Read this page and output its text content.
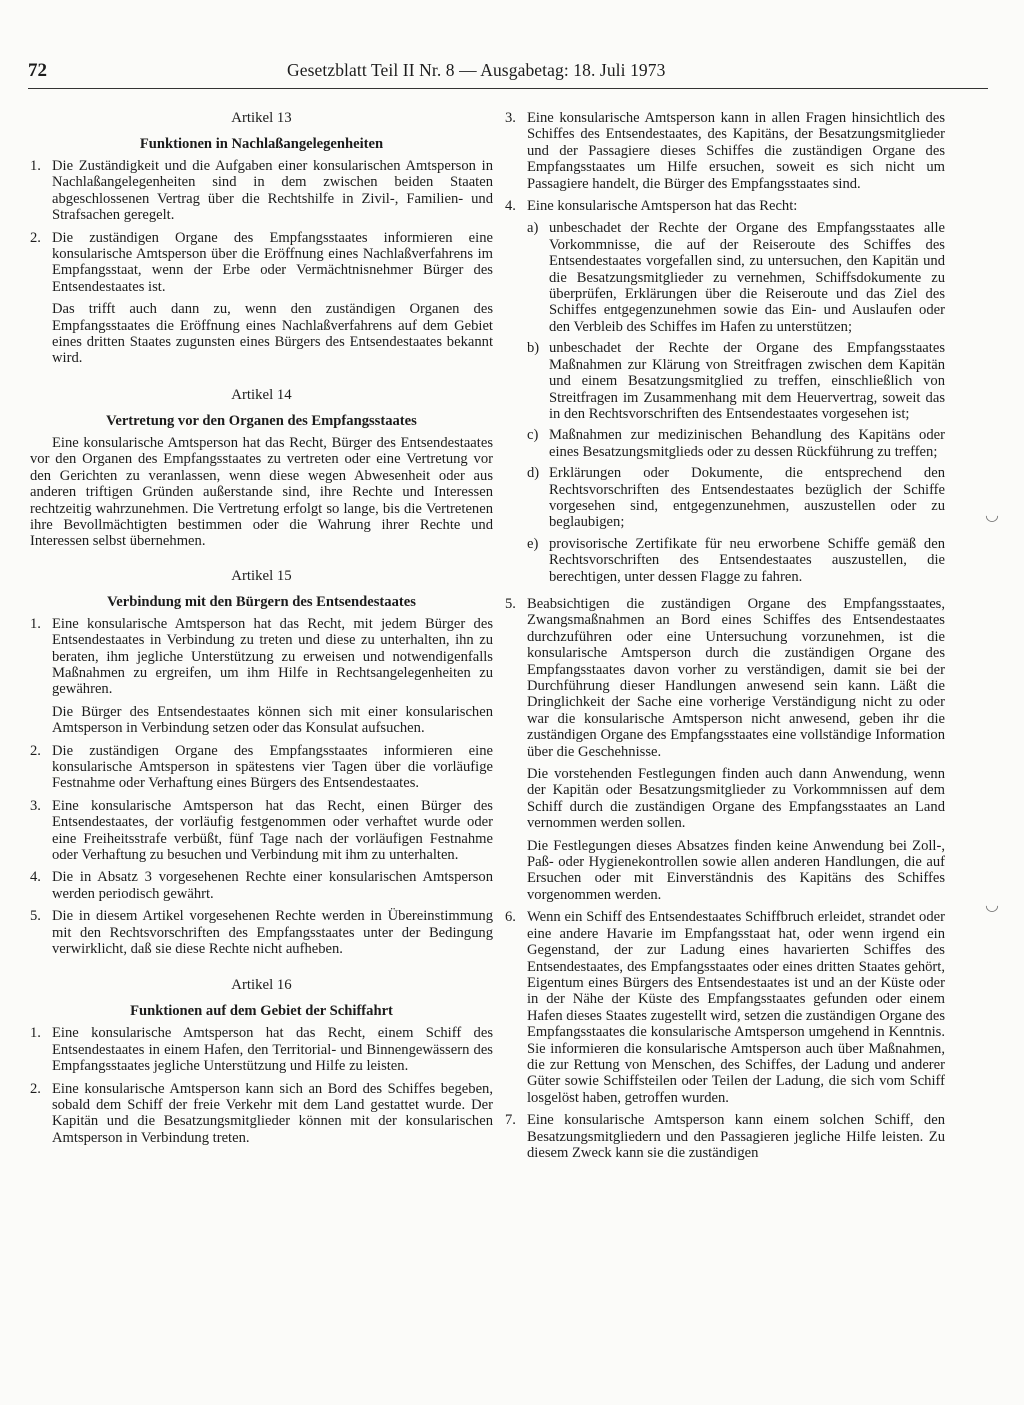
72	Gesetzblatt Teil II Nr. 8 — Ausgabetag: 18. Juli 1973

Artikel 13

Funktionen in Nachlaßangelegenheiten

1. Die Zuständigkeit und die Aufgaben einer konsularischen Amtsperson in Nachlaßangelegenheiten sind in dem zwischen beiden Staaten abgeschlossenen Vertrag über die Rechtshilfe in Zivil-, Familien- und Strafsachen geregelt.

2. Die zuständigen Organe des Empfangsstaates informieren eine konsularische Amtsperson über die Eröffnung eines Nachlaßverfahrens im Empfangsstaat, wenn der Erbe oder Vermächtnisnehmer Bürger des Entsendestaates ist.

Das trifft auch dann zu, wenn den zuständigen Organen des Empfangsstaates die Eröffnung eines Nachlaßverfahrens auf dem Gebiet eines dritten Staates zugunsten eines Bürgers des Entsendestaates bekannt wird.

Artikel 14

Vertretung vor den Organen des Empfangsstaates

Eine konsularische Amtsperson hat das Recht, Bürger des Entsendestaates vor den Organen des Empfangsstaates zu vertreten oder eine Vertretung vor den Gerichten zu veranlassen, wenn diese wegen Abwesenheit oder aus anderen triftigen Gründen außerstande sind, ihre Rechte und Interessen rechtzeitig wahrzunehmen. Die Vertretung erfolgt so lange, bis die Vertretenen ihre Bevollmächtigten bestimmen oder die Wahrung ihrer Rechte und Interessen selbst übernehmen.

Artikel 15

Verbindung mit den Bürgern des Entsendestaates

1. Eine konsularische Amtsperson hat das Recht, mit jedem Bürger des Entsendestaates in Verbindung zu treten und diese zu unterhalten, ihn zu beraten, ihm jegliche Unterstützung zu erweisen und notwendigenfalls Maßnahmen zu ergreifen, um ihm Hilfe in Rechtsangelegenheiten zu gewähren.

Die Bürger des Entsendestaates können sich mit einer konsularischen Amtsperson in Verbindung setzen oder das Konsulat aufsuchen.

2. Die zuständigen Organe des Empfangsstaates informieren eine konsularische Amtsperson in spätestens vier Tagen über die vorläufige Festnahme oder Verhaftung eines Bürgers des Entsendestaates.

3. Eine konsularische Amtsperson hat das Recht, einen Bürger des Entsendestaates, der vorläufig festgenommen oder verhaftet wurde oder eine Freiheitsstrafe verbüßt, fünf Tage nach der vorläufigen Festnahme oder Verhaftung zu besuchen und Verbindung mit ihm zu unterhalten.

4. Die in Absatz 3 vorgesehenen Rechte einer konsularischen Amtsperson werden periodisch gewährt.

5. Die in diesem Artikel vorgesehenen Rechte werden in Übereinstimmung mit den Rechtsvorschriften des Empfangsstaates unter der Bedingung verwirklicht, daß sie diese Rechte nicht aufheben.

Artikel 16

Funktionen auf dem Gebiet der Schiffahrt

1. Eine konsularische Amtsperson hat das Recht, einem Schiff des Entsendestaates in einem Hafen, den Territorial- und Binnengewässern des Empfangsstaates jegliche Unterstützung und Hilfe zu leisten.

2. Eine konsularische Amtsperson kann sich an Bord des Schiffes begeben, sobald dem Schiff der freie Verkehr mit dem Land gestattet wurde. Der Kapitän und die Besatzungsmitglieder können mit der konsularischen Amtsperson in Verbindung treten.

3. Eine konsularische Amtsperson kann in allen Fragen hinsichtlich des Schiffes des Entsendestaates, des Kapitäns, der Besatzungsmitglieder und der Passagiere dieses Schiffes die zuständigen Organe des Empfangsstaates um Hilfe ersuchen, soweit es sich nicht um Passagiere handelt, die Bürger des Empfangsstaates sind.

4. Eine konsularische Amtsperson hat das Recht:

a) unbeschadet der Rechte der Organe des Empfangsstaates alle Vorkommnisse, die auf der Reiseroute des Schiffes des Entsendestaates vorgefallen sind, zu untersuchen, den Kapitän und die Besatzungsmitglieder zu vernehmen, Schiffsdokumente zu überprüfen, Erklärungen über die Reiseroute und das Ziel des Schiffes entgegenzunehmen sowie das Ein- und Auslaufen oder den Verbleib des Schiffes im Hafen zu unterstützen;
b) unbeschadet der Rechte der Organe des Empfangsstaates Maßnahmen zur Klärung von Streitfragen zwischen dem Kapitän und einem Besatzungsmitglied zu treffen, einschließlich von Streitfragen im Zusammenhang mit dem Heuervertrag, soweit das in den Rechtsvorschriften des Entsendestaates vorgesehen ist;
c) Maßnahmen zur medizinischen Behandlung des Kapitäns oder eines Besatzungsmitglieds oder zu dessen Rückführung zu treffen;
d) Erklärungen oder Dokumente, die entsprechend den Rechtsvorschriften des Entsendestaates bezüglich der Schiffe vorgesehen sind, entgegenzunehmen, auszustellen oder zu beglaubigen;
e) provisorische Zertifikate für neu erworbene Schiffe gemäß den Rechtsvorschriften des Entsendestaates auszustellen, die berechtigen, unter dessen Flagge zu fahren.
5. Beabsichtigen die zuständigen Organe des Empfangsstaates, Zwangsmaßnahmen an Bord eines Schiffes des Entsendestaates durchzuführen oder eine Untersuchung vorzunehmen, ist die konsularische Amtsperson durch die zuständigen Organe des Empfangsstaates davon vorher zu verständigen, damit sie bei der Durchführung dieser Handlungen anwesend sein kann. Läßt die Dringlichkeit der Sache eine vorherige Verständigung nicht zu oder war die konsularische Amtsperson nicht anwesend, geben ihr die zuständigen Organe des Empfangsstaates eine vollständige Information über die Geschehnisse.

Die vorstehenden Festlegungen finden auch dann Anwendung, wenn der Kapitän oder Besatzungsmitglieder zu Vorkommnissen auf dem Schiff durch die zuständigen Organe des Empfangsstaates an Land vernommen werden sollen.

Die Festlegungen dieses Absatzes finden keine Anwendung bei Zoll-, Paß- oder Hygienekontrollen sowie allen anderen Handlungen, die auf Ersuchen oder mit Einverständnis des Kapitäns des Schiffes vorgenommen werden.

6. Wenn ein Schiff des Entsendestaates Schiffbruch erleidet, strandet oder eine andere Havarie im Empfangsstaat hat, oder wenn irgend ein Gegenstand, der zur Ladung eines havarierten Schiffes des Entsendestaates, des Empfangsstaates oder eines dritten Staates gehört, Eigentum eines Bürgers des Entsendestaates ist und an der Küste oder in der Nähe der Küste des Empfangsstaates gefunden oder einem Hafen dieses Staates zugestellt wird, setzen die zuständigen Organe des Empfangsstaates die konsularische Amtsperson umgehend in Kenntnis. Sie informieren die konsularische Amtsperson auch über Maßnahmen, die zur Rettung von Menschen, des Schiffes, der Ladung und anderer Güter sowie Schiffsteilen oder Teilen der Ladung, die sich vom Schiff losgelöst haben, getroffen wurden.

7. Eine konsularische Amtsperson kann einem solchen Schiff, den Besatzungsmitgliedern und den Passagieren jegliche Hilfe leisten. Zu diesem Zweck kann sie die zuständigen

◡
◡
